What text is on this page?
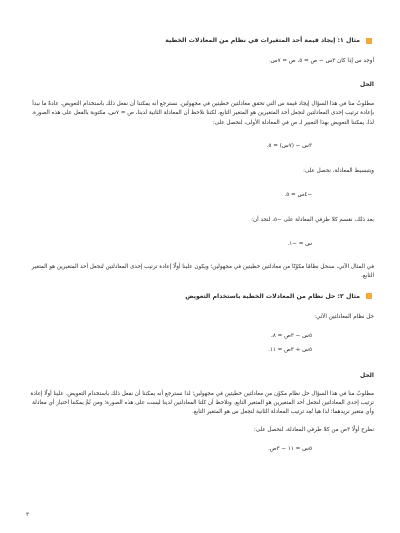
مثال ١: إيجاد قيمة أحد المتغيرات في نظام من المعادلات الخطية

أوجد س إذا كان ٣س − ص = ٥، ص = ٧س.

الحل

مطلوبٌ منا في هذا السؤال إيجاد قيمة س التي تحقق معادلتين خطيتين في مجهولين. نسترجع أنه يمكننا أن نفعل ذلك باستخدام التعويض. عادةً ما نبدأ بإعادة ترتيب إحدى المعادلتين لنجعل أحد المتغيرين هو المتغير التابع، لكننا نلاحظ أن المعادلة الثانية لدينا، ص = ٧س، مكتوبة بالفعل على هذه الصورة. لذا، يمكننا التعويض بهذا التعبير لـ ص في المعادلة الأولى، لنحصل على:

٣س − (٧س) = ٥.

وبتبسيط المعادلة، نحصل على:

−٤س = ٥.

بعد ذلك، نقسم كلا طرفي المعادلة على −٥، لنجد أن:

س = −١.

في المثال الآتي، سنحل نظامًا مكوّنًا من معادلتين خطيتين في مجهولين؛ ويكون علينا أولًا إعادة ترتيب إحدى المعادلتين لنجعل أحد المتغيرين هو المتغير التابع.

مثال ٢: حل نظام من المعادلات الخطية باستخدام التعويض

حل نظام المعادلتين الآتي:

٥س − ٣ص = ٨،

٥س + ٣ص = ١١.

الحل

مطلوبٌ منا في هذا السؤال حل نظام مكوّن من معادلتين خطيتين في مجهولين؛ لذا نسترجع أنه يمكننا أن نفعل ذلك باستخدام التعويض. علينا أولًا إعادة ترتيب إحدى المعادلتين لنجعل أحد المتغيرين هو المتغير التابع. ونلاحظ أن كلتا المعادلتين لدينا ليست على هذه الصورة؛ ومن ثَمَّ يمكننا اختيار أي معادلة وأي متغير نريدهما؛ لذا هيا نُعِد ترتيب المعادلة الثانية لنجعل س هو المتغير التابع.

نطرح أولًا ٣ص من كلا طرفي المعادلة، لنحصل على:

٥س = ١١ − ٣ص.

٣
